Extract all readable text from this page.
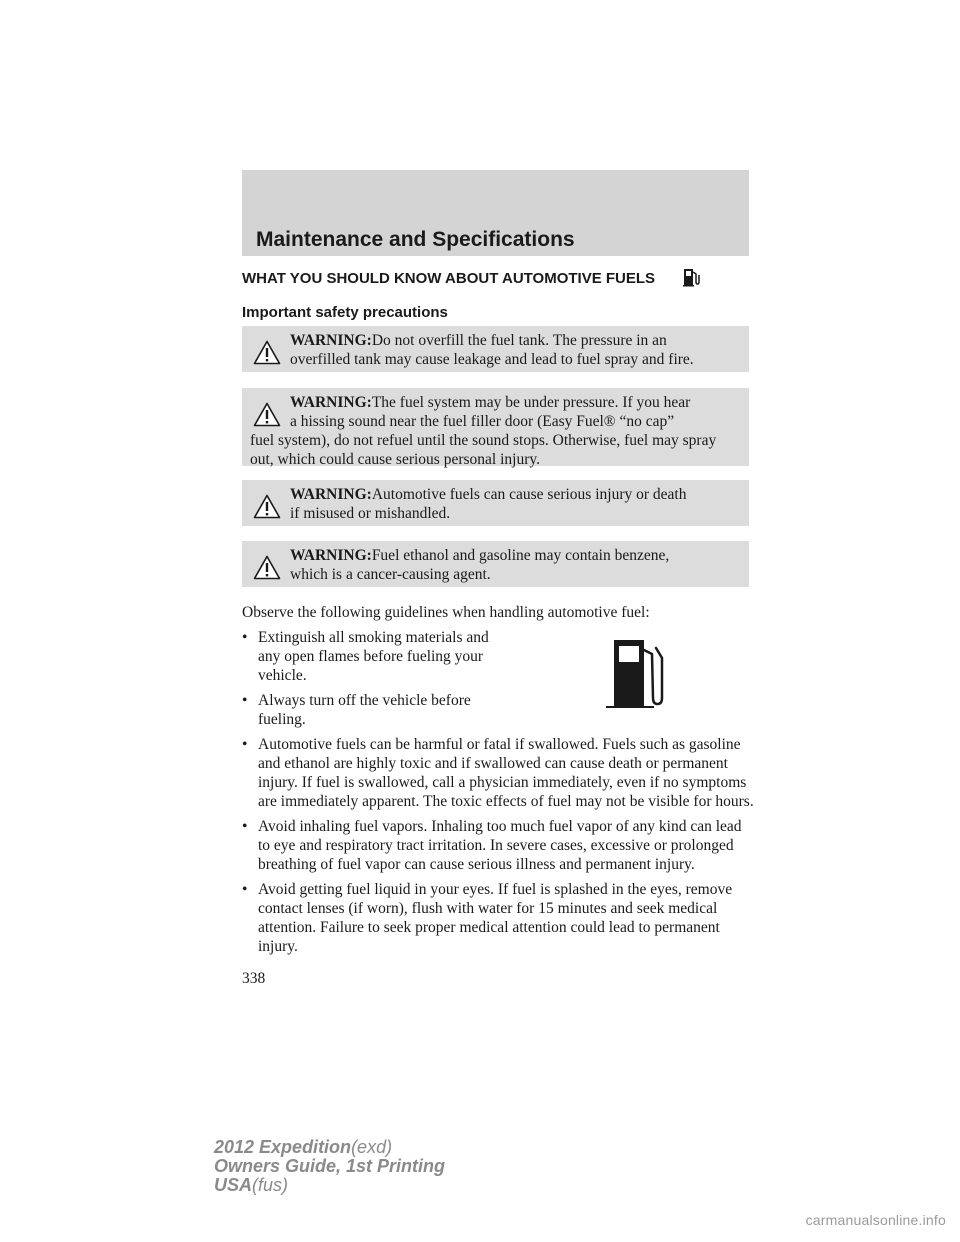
Maintenance and Specifications
WHAT YOU SHOULD KNOW ABOUT AUTOMOTIVE FUELS
Important safety precautions
WARNING:Do not overfill the fuel tank. The pressure in an
overfilled tank may cause leakage and lead to fuel spray and fire.
WARNING:The fuel system may be under pressure. If you hear
a hissing sound near the fuel filler door (Easy Fuel® “no cap”
fuel system), do not refuel until the sound stops. Otherwise, fuel may spray out, which could cause serious personal injury.
WARNING:Automotive fuels can cause serious injury or death
if misused or mishandled.
WARNING:Fuel ethanol and gasoline may contain benzene,
which is a cancer-causing agent.
Observe the following guidelines when handling automotive fuel:
• Extinguish all smoking materials and any open flames before fueling your vehicle.
• Always turn off the vehicle before fueling.
• Automotive fuels can be harmful or fatal if swallowed. Fuels such as gasoline and ethanol are highly toxic and if swallowed can cause death or permanent injury. If fuel is swallowed, call a physician immediately, even if no symptoms are immediately apparent. The toxic effects of fuel may not be visible for hours.
• Avoid inhaling fuel vapors. Inhaling too much fuel vapor of any kind can lead to eye and respiratory tract irritation. In severe cases, excessive or prolonged breathing of fuel vapor can cause serious illness and permanent injury.
• Avoid getting fuel liquid in your eyes. If fuel is splashed in the eyes, remove contact lenses (if worn), flush with water for 15 minutes and seek medical attention. Failure to seek proper medical attention could lead to permanent injury.
338
2012 Expedition(exd)
Owners Guide, 1st Printing
USA(fus)
carmanualsonline.info
